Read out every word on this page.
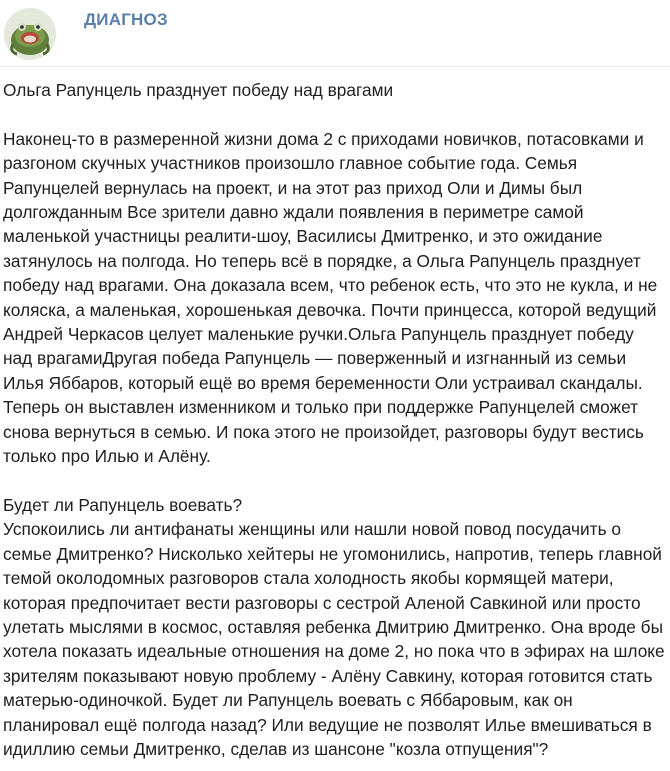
ДИАГНОЗ

Ольга Рапунцель празднует победу над врагами

Наконец-то в размеренной жизни дома 2 с приходами новичков, потасовками и разгоном скучных участников произошло главное событие года. Семья Рапунцелей вернулась на проект, и на этот раз приход Оли и Димы был долгожданным Все зрители давно ждали появления в периметре самой маленькой участницы реалити-шоу, Василисы Дмитренко, и это ожидание затянулось на полгода. Но теперь всё в порядке, а Ольга Рапунцель празднует победу над врагами. Она доказала всем, что ребенок есть, что это не кукла, и не коляска, а маленькая, хорошенькая девочка. Почти принцесса, которой ведущий Андрей Черкасов целует маленькие ручки.Ольга Рапунцель празднует победу над врагамиДругая победа Рапунцель — поверженный и изгнанный из семьи Илья Яббаров, который ещё во время беременности Оли устраивал скандалы. Теперь он выставлен изменником и только при поддержке Рапунцелей сможет снова вернуться в семью. И пока этого не произойдет, разговоры будут вестись только про Илью и Алёну.

Будет ли Рапунцель воевать?

Успокоились ли антифанаты женщины или нашли новой повод посудачить о семье Дмитренко? Нисколько хейтеры не угомонились, напротив, теперь главной темой околодомных разговоров стала холодность якобы кормящей матери, которая предпочитает вести разговоры с сестрой Аленой Савкиной или просто улетать мыслями в космос, оставляя ребенка Дмитрию Дмитренко. Она вроде бы хотела показать идеальные отношения на доме 2, но пока что в эфирах на шлоке зрителям показывают новую проблему - Алёну Савкину, которая готовится стать матерью-одиночкой. Будет ли Рапунцель воевать с Яббаровым, как он планировал ещё полгода назад? Или ведущие не позволят Илье вмешиваться в идиллию семьи Дмитренко, сделав из шансоне "козла отпущения"?
